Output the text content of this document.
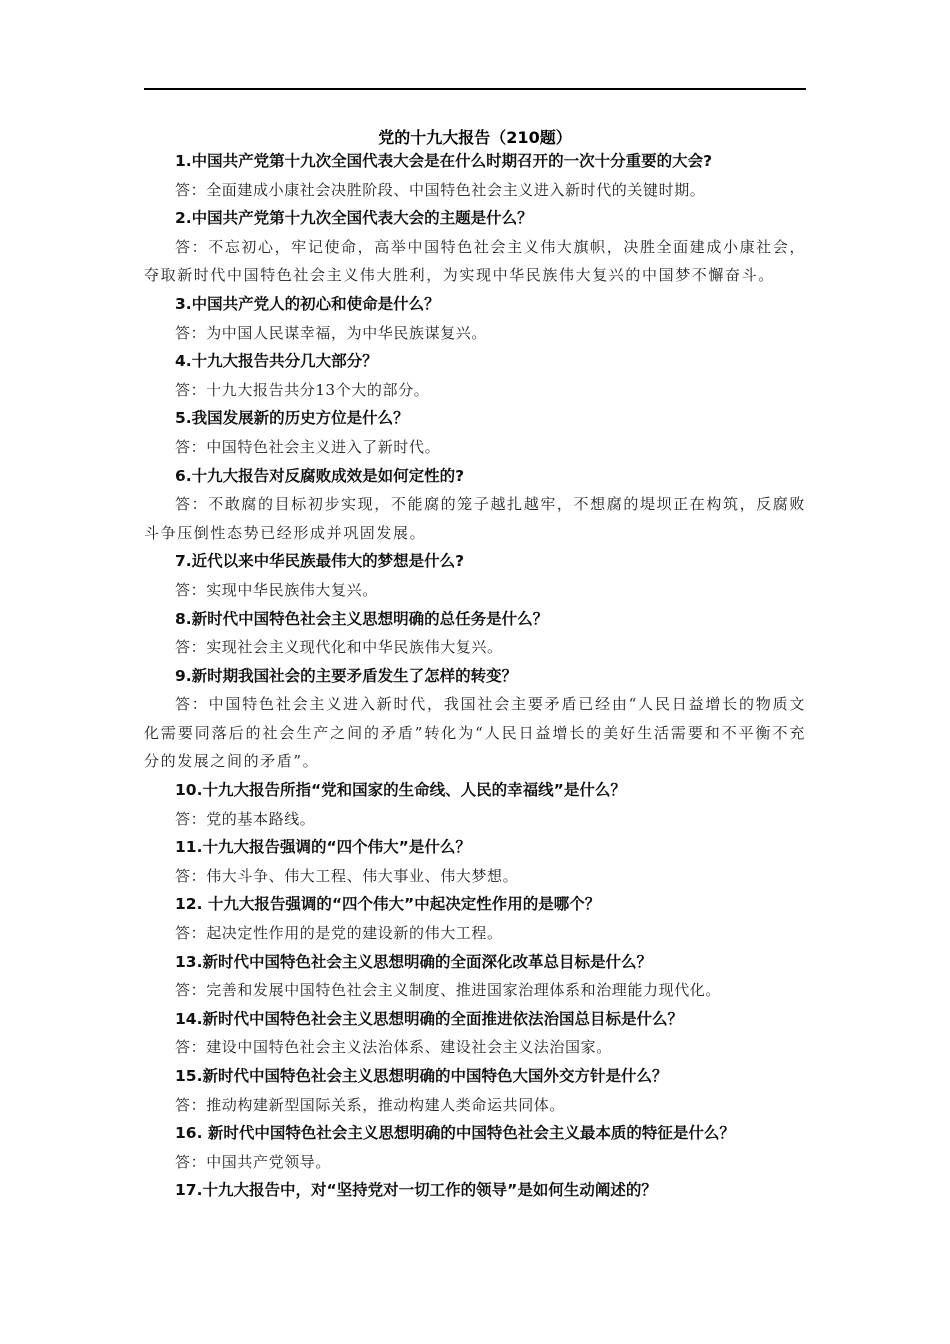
党的十九大报告（210题）
1.中国共产党第十九次全国代表大会是在什么时期召开的一次十分重要的大会?
答：全面建成小康社会决胜阶段、中国特色社会主义进入新时代的关键时期。
2.中国共产党第十九次全国代表大会的主题是什么？
答：不忘初心，牢记使命，高举中国特色社会主义伟大旗帜，决胜全面建成小康社会，夺取新时代中国特色社会主义伟大胜利，为实现中华民族伟大复兴的中国梦不懈奋斗。
3.中国共产党人的初心和使命是什么？
答：为中国人民谋幸福，为中华民族谋复兴。
4.十九大报告共分几大部分？
答：十九大报告共分13个大的部分。
5.我国发展新的历史方位是什么？
答：中国特色社会主义进入了新时代。
6.十九大报告对反腐败成效是如何定性的?
答：不敢腐的目标初步实现，不能腐的笼子越扎越牢，不想腐的堤坝正在构筑，反腐败斗争压倒性态势已经形成并巩固发展。
7.近代以来中华民族最伟大的梦想是什么?
答：实现中华民族伟大复兴。
8.新时代中国特色社会主义思想明确的总任务是什么？
答：实现社会主义现代化和中华民族伟大复兴。
9.新时期我国社会的主要矛盾发生了怎样的转变？
答：中国特色社会主义进入新时代，我国社会主要矛盾已经由“人民日益增长的物质文化需要同落后的社会生产之间的矛盾”转化为“人民日益增长的美好生活需要和不平衡不充分的发展之间的矛盾”。
10.十九大报告所指“党和国家的生命线、人民的幸福线”是什么？
答：党的基本路线。
11.十九大报告强调的“四个伟大”是什么？
答：伟大斗争、伟大工程、伟大事业、伟大梦想。
12. 十九大报告强调的“四个伟大”中起决定性作用的是哪个？
答：起决定性作用的是党的建设新的伟大工程。
13.新时代中国特色社会主义思想明确的全面深化改革总目标是什么？
答：完善和发展中国特色社会主义制度、推进国家治理体系和治理能力现代化。
14.新时代中国特色社会主义思想明确的全面推进依法治国总目标是什么？
答：建设中国特色社会主义法治体系、建设社会主义法治国家。
15.新时代中国特色社会主义思想明确的中国特色大国外交方针是什么？
答：推动构建新型国际关系，推动构建人类命运共同体。
16. 新时代中国特色社会主义思想明确的中国特色社会主义最本质的特征是什么？
答：中国共产党领导。
17.十九大报告中，对“坚持党对一切工作的领导”是如何生动阐述的？
